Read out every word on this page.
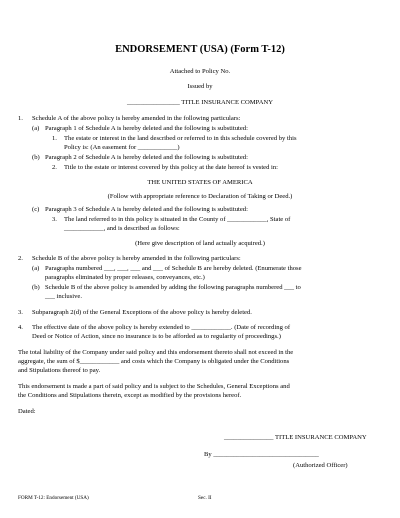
ENDORSEMENT (USA) (Form T-12)
Attached to Policy No.
Issued by
________________ TITLE INSURANCE COMPANY
1. Schedule A of the above policy is hereby amended in the following particulars:
(a) Paragraph 1 of Schedule A is hereby deleted and the following is substituted:
1. The estate or interest in the land described or referred to in this schedule covered by this
Policy is: (An easement for ____________)
(b) Paragraph 2 of Schedule A is hereby deleted and the following is substituted:
2. Title to the estate or interest covered by this policy at the date hereof is vested in:
THE UNITED STATES OF AMERICA
(Follow with appropriate reference to Declaration of Taking or Deed.)
(c) Paragraph 3 of Schedule A is hereby deleted and the following is substituted:
3. The land referred to in this policy is situated in the County of ____________, State of
____________, and is described as follows:
(Here give description of land actually acquired.)
2. Schedule B of the above policy is hereby amended in the following particulars:
(a) Paragraphs numbered ___, ___, ___ and ___ of Schedule B are hereby deleted. (Enumerate those
paragraphs eliminated by proper releases, conveyances, etc.)
(b) Schedule B of the above policy is amended by adding the following paragraphs numbered ___ to
___ inclusive.
3. Subparagraph 2(d) of the General Exceptions of the above policy is hereby deleted.
4. The effective date of the above policy is hereby extended to ____________. (Date of recording of
Deed or Notice of Action, since no insurance is to be afforded as to regularity of proceedings.)
The total liability of the Company under said policy and this endorsement thereto shall not exceed in the
aggregate, the sum of $____________ and costs which the Company is obligated under the Conditions
and Stipulations thereof to pay.
This endorsement is made a part of said policy and is subject to the Schedules, General Exceptions and
the Conditions and Stipulations therein, except as modified by the provisions hereof.
Dated:
_______________ TITLE INSURANCE COMPANY
By ________________________________
(Authorized Officer)
FORM T-12: Endorsement (USA)	Sec. II
